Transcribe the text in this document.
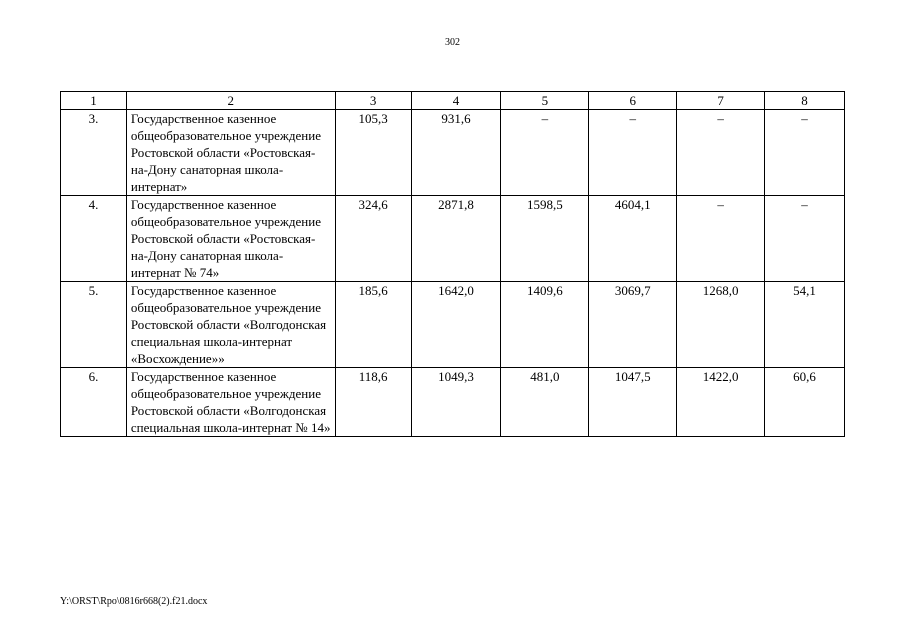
302
1	2	3	4	5	6	7	8
3.	Государственное казенное общеобразовательное учреждение Ростовской области «Ростовская-на-Дону санаторная школа-интернат»	105,3	931,6	–	–	–	–
4.	Государственное казенное общеобразовательное учреждение Ростовской области «Ростовская-на-Дону санаторная школа-интернат № 74»	324,6	2871,8	1598,5	4604,1	–	–
5.	Государственное казенное общеобразовательное учреждение Ростовской области «Волгодонская специальная школа-интернат «Восхождение»»	185,6	1642,0	1409,6	3069,7	1268,0	54,1
6.	Государственное казенное общеобразовательное учреждение Ростовской области «Волгодонская специальная школа-интернат № 14»	118,6	1049,3	481,0	1047,5	1422,0	60,6
Y:\ORST\Rpo\0816r668(2).f21.docx
